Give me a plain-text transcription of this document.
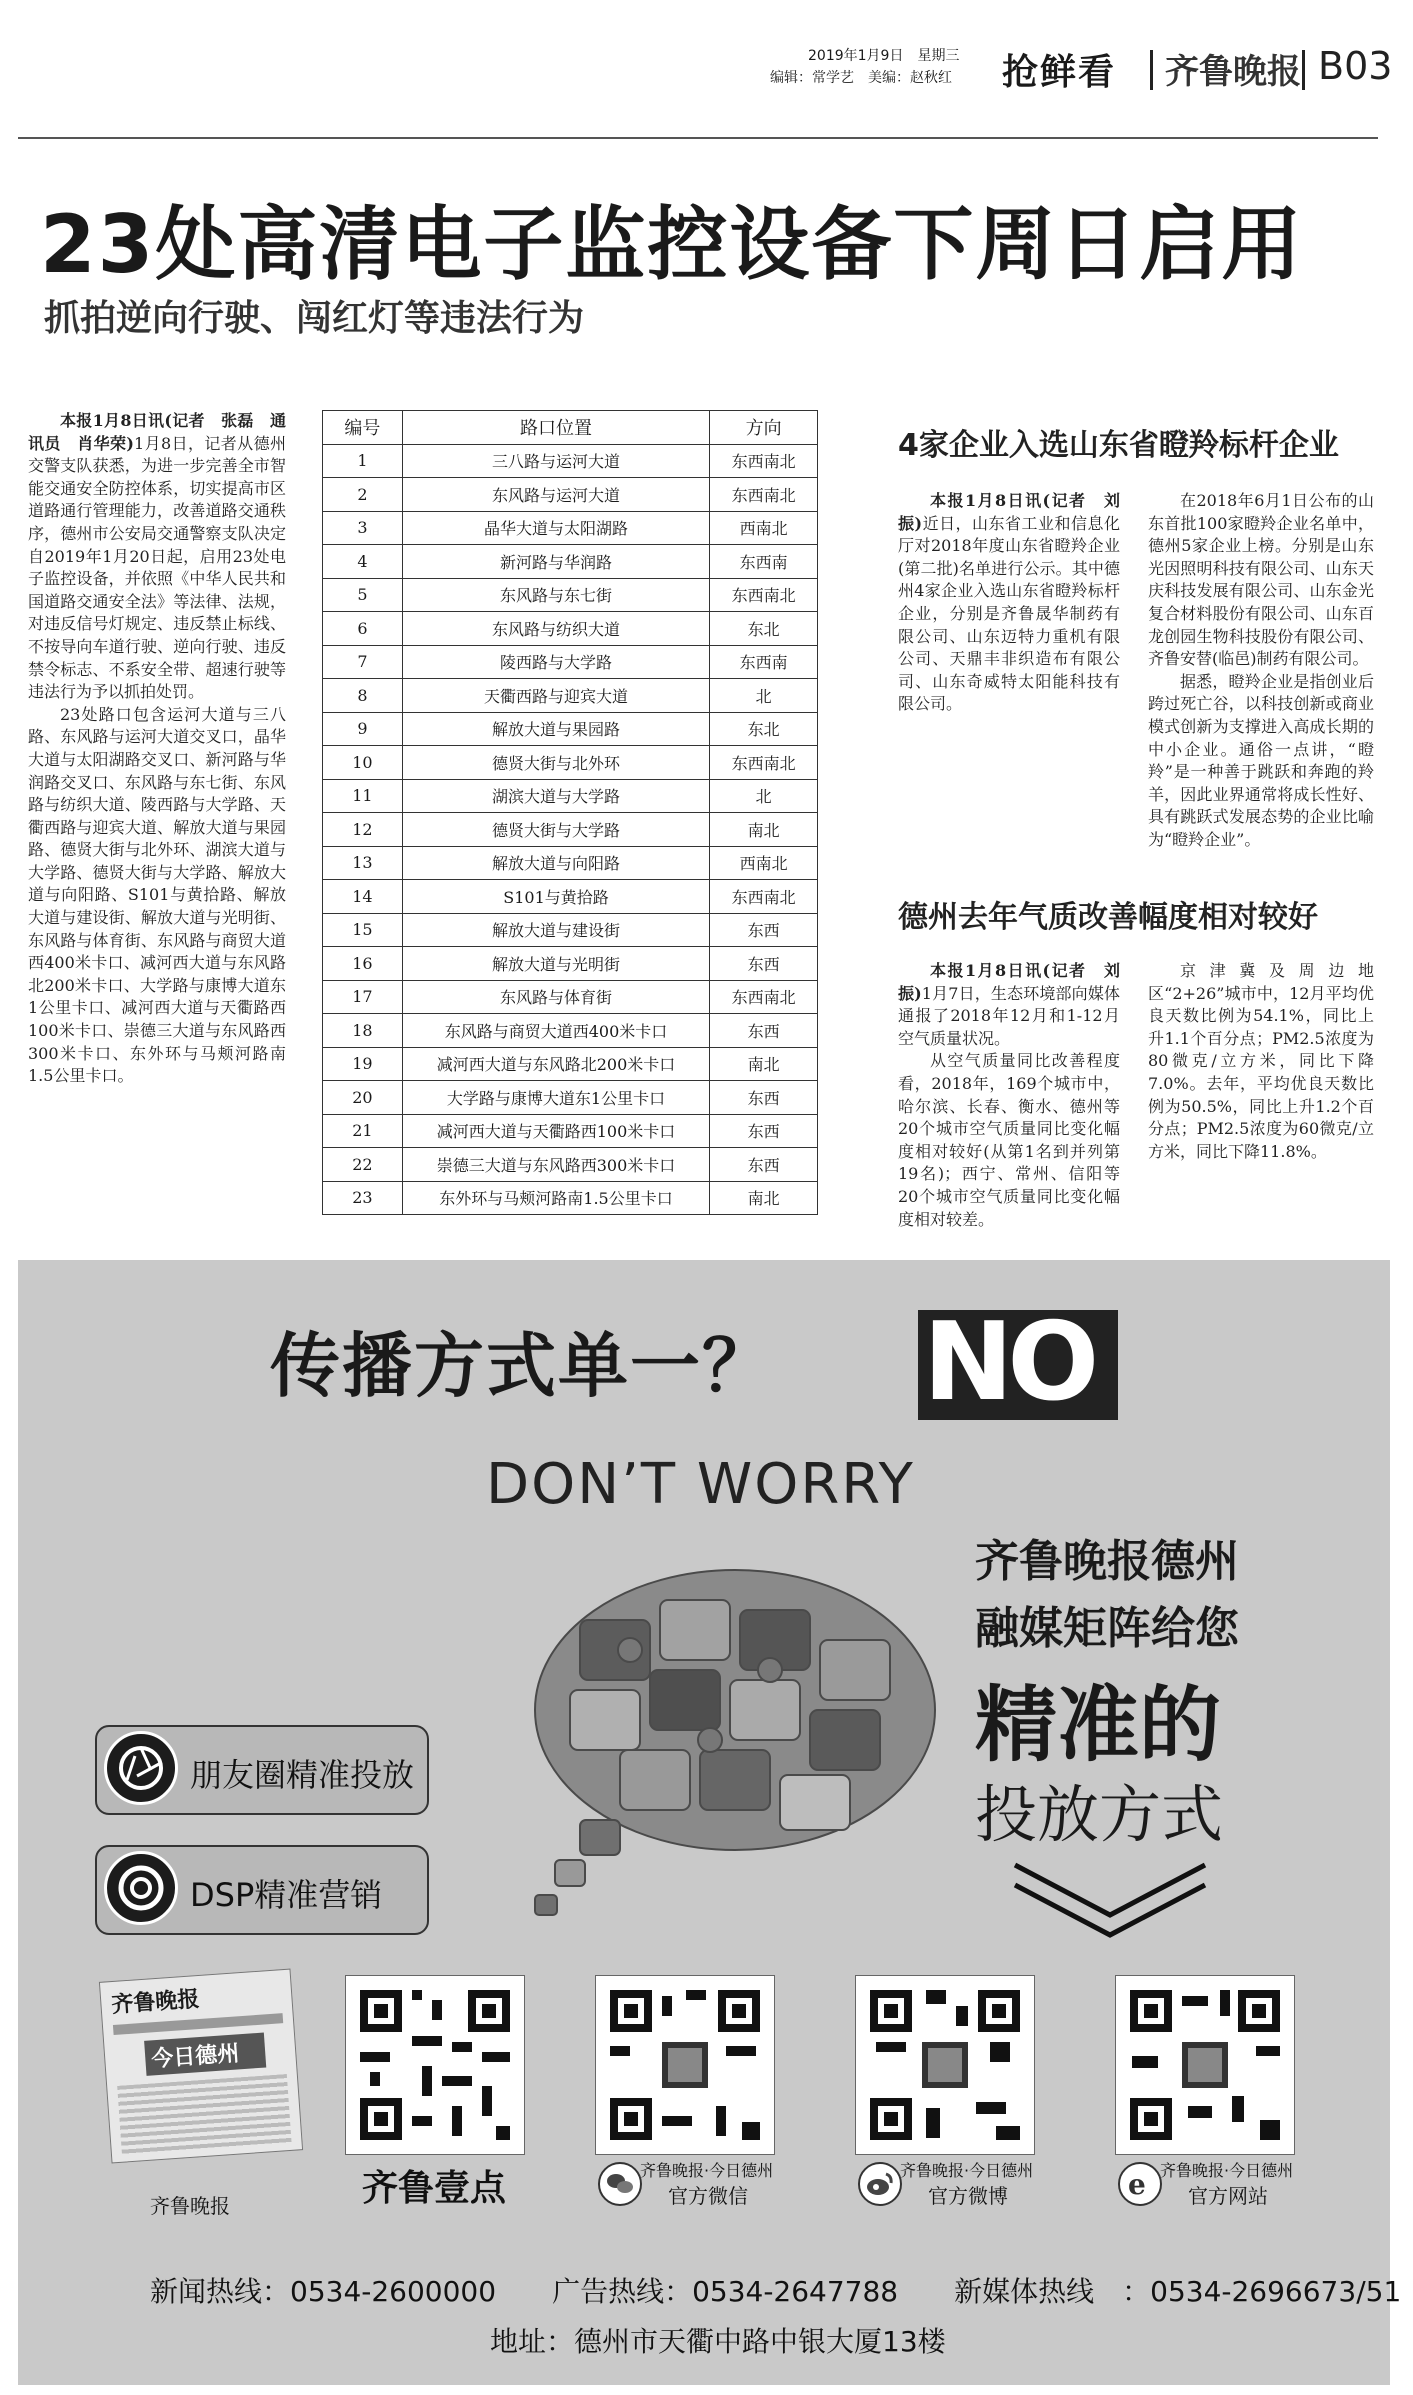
2019年1月9日　星期三
编辑：常学艺　美编：赵秋红 抢鲜看 齐鲁晚报 B03
23处高清电子监控设备下周日启用
抓拍逆向行驶、闯红灯等违法行为

本报1月8日讯(记者　张磊　通讯员　肖华荣)1月8日，记者从德州交警支队获悉，为进一步完善全市智能交通安全防控体系，切实提高市区道路通行管理能力，改善道路交通秩序，德州市公安局交通警察支队决定自2019年1月20日起，启用23处电子监控设备，并依照《中华人民共和国道路交通安全法》等法律、法规，对违反信号灯规定、违反禁止标线、不按导向车道行驶、逆向行驶、违反禁令标志、不系安全带、超速行驶等违法行为予以抓拍处罚。

23处路口包含运河大道与三八路、东风路与运河大道交叉口，晶华大道与太阳湖路交叉口、新河路与华润路交叉口、东风路与东七街、东风路与纺织大道、陵西路与大学路、天衢西路与迎宾大道、解放大道与果园路、德贤大街与北外环、湖滨大道与大学路、德贤大街与大学路、解放大道与向阳路、S101与黄拾路、解放大道与建设街、解放大道与光明街、东风路与体育街、东风路与商贸大道西400米卡口、减河西大道与东风路北200米卡口、大学路与康博大道东1公里卡口、减河西大道与天衢路西100米卡口、崇德三大道与东风路西300米卡口、东外环与马颊河路南1.5公里卡口。

编号	路口位置	方向
1	三八路与运河大道	东西南北
2	东风路与运河大道	东西南北
3	晶华大道与太阳湖路	西南北
4	新河路与华润路	东西南
5	东风路与东七街	东西南北
6	东风路与纺织大道	东北
7	陵西路与大学路	东西南
8	天衢西路与迎宾大道	北
9	解放大道与果园路	东北
10	德贤大街与北外环	东西南北
11	湖滨大道与大学路	北
12	德贤大街与大学路	南北
13	解放大道与向阳路	西南北
14	S101与黄拾路	东西南北
15	解放大道与建设街	东西
16	解放大道与光明街	东西
17	东风路与体育街	东西南北
18	东风路与商贸大道西400米卡口	东西
19	减河西大道与东风路北200米卡口	南北
20	大学路与康博大道东1公里卡口	东西
21	减河西大道与天衢路西100米卡口	东西
22	崇德三大道与东风路西300米卡口	东西
23	东外环与马颊河路南1.5公里卡口	南北
4家企业入选山东省瞪羚标杆企业

本报1月8日讯(记者　刘振)近日，山东省工业和信息化厅对2018年度山东省瞪羚企业(第二批)名单进行公示。其中德州4家企业入选山东省瞪羚标杆企业，分别是齐鲁晟华制药有限公司、山东迈特力重机有限公司、天鼎丰非织造布有限公司、山东奇威特太阳能科技有限公司。

在2018年6月1日公布的山东首批100家瞪羚企业名单中，德州5家企业上榜。分别是山东光因照明科技有限公司、山东天庆科技发展有限公司、山东金光复合材料股份有限公司、山东百龙创园生物科技股份有限公司、齐鲁安替(临邑)制药有限公司。

据悉，瞪羚企业是指创业后跨过死亡谷，以科技创新或商业模式创新为支撑进入高成长期的中小企业。通俗一点讲，“瞪羚”是一种善于跳跃和奔跑的羚羊，因此业界通常将成长性好、具有跳跃式发展态势的企业比喻为“瞪羚企业”。

德州去年气质改善幅度相对较好

本报1月8日讯(记者　刘振)1月7日，生态环境部向媒体通报了2018年12月和1-12月空气质量状况。

从空气质量同比改善程度看，2018年，169个城市中，哈尔滨、长春、衡水、德州等20个城市空气质量同比变化幅度相对较好(从第1名到并列第19名)；西宁、常州、信阳等20个城市空气质量同比变化幅度相对较差。

京津冀及周边地区“2+26”城市中，12月平均优良天数比例为54.1%，同比上升1.1个百分点；PM2.5浓度为80微克/立方米，同比下降7.0%。去年，平均优良天数比例为50.5%，同比上升1.2个百分点；PM2.5浓度为60微克/立方米，同比下降11.8%。

传播方式单一？ NO
DON’T WORRY
齐鲁晚报德州
融媒矩阵给您
精准的
投放方式
朋友圈精准投放
DSP精准营销
齐鲁晚报
今日德州
齐鲁晚报	齐鲁壹点	齐鲁晚报·今日德州
官方微信
齐鲁晚报·今日德州
官方微博	e 齐鲁晚报·今日德州
官方网站
新闻热线：0534-2600000　　广告热线：0534-2647788　　新媒体热线　：0534-2696673/51
地址：德州市天衢中路中银大厦13楼
